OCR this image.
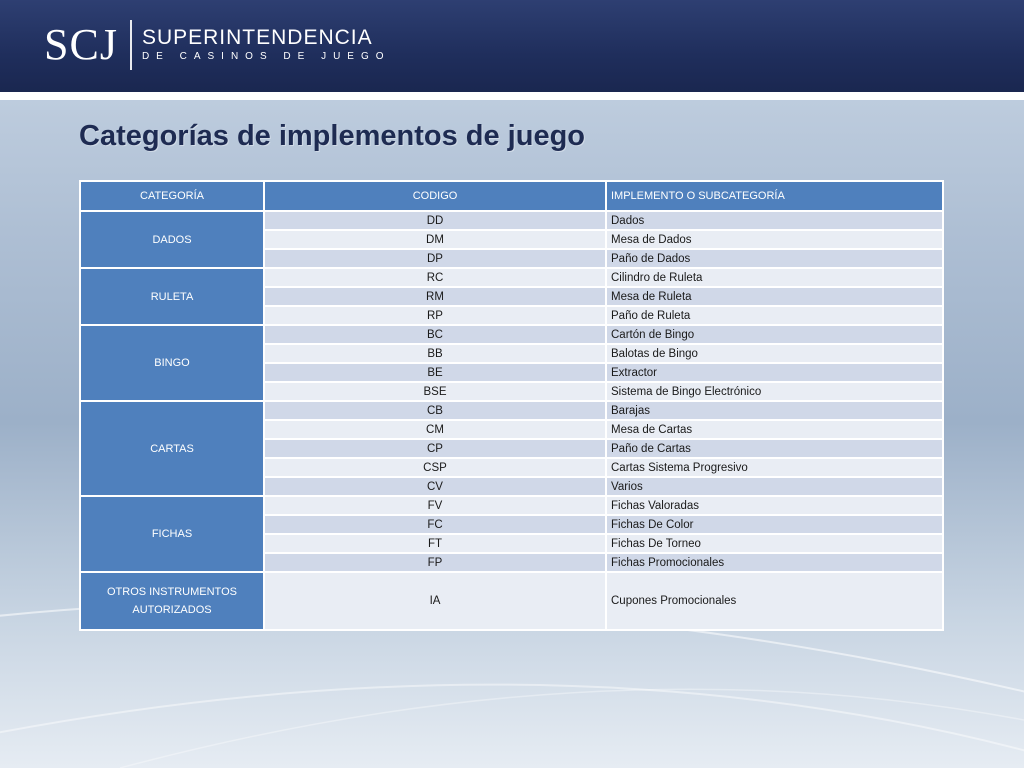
SCJ SUPERINTENDENCIA
DE CASINOS DE JUEGO
Categorías de implementos de juego
CATEGORÍA	CODIGO	IMPLEMENTO O SUBCATEGORÍA
DADOS	DD	Dados
	DM	Mesa de Dados
	DP	Paño de Dados
RULETA	RC	Cilindro de Ruleta
	RM	Mesa de Ruleta
	RP	Paño de Ruleta
BINGO	BC	Cartón de Bingo
	BB	Balotas de Bingo
	BE	Extractor
	BSE	Sistema de Bingo Electrónico
CARTAS	CB	Barajas
	CM	Mesa de Cartas
	CP	Paño de Cartas
	CSP	Cartas Sistema Progresivo
	CV	Varios
FICHAS	FV	Fichas Valoradas
	FC	Fichas De Color
	FT	Fichas De Torneo
	FP	Fichas Promocionales
OTROS INSTRUMENTOS AUTORIZADOS	IA	Cupones Promocionales
